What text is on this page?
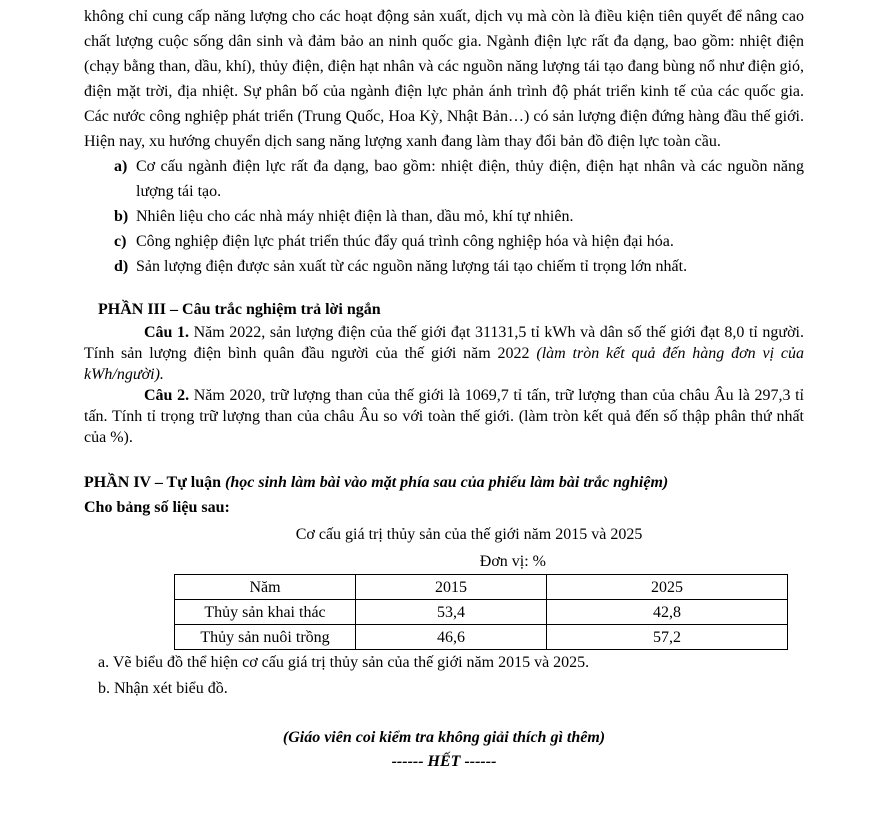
không chỉ cung cấp năng lượng cho các hoạt động sản xuất, dịch vụ mà còn là điều kiện tiên quyết để nâng cao chất lượng cuộc sống dân sinh và đảm bảo an ninh quốc gia. Ngành điện lực rất đa dạng, bao gồm: nhiệt điện (chạy bằng than, dầu, khí), thủy điện, điện hạt nhân và các nguồn năng lượng tái tạo đang bùng nổ như điện gió, điện mặt trời, địa nhiệt. Sự phân bố của ngành điện lực phản ánh trình độ phát triển kinh tế của các quốc gia. Các nước công nghiệp phát triển (Trung Quốc, Hoa Kỳ, Nhật Bản…) có sản lượng điện đứng hàng đầu thế giới. Hiện nay, xu hướng chuyển dịch sang năng lượng xanh đang làm thay đổi bản đồ điện lực toàn cầu.

a) Cơ cấu ngành điện lực rất đa dạng, bao gồm: nhiệt điện, thủy điện, điện hạt nhân và các nguồn năng lượng tái tạo.
b) Nhiên liệu cho các nhà máy nhiệt điện là than, dầu mỏ, khí tự nhiên.
c) Công nghiệp điện lực phát triển thúc đẩy quá trình công nghiệp hóa và hiện đại hóa.
d) Sản lượng điện được sản xuất từ các nguồn năng lượng tái tạo chiếm tỉ trọng lớn nhất.
PHẦN III – Câu trắc nghiệm trả lời ngắn

Câu 1. Năm 2022, sản lượng điện của thế giới đạt 31131,5 tỉ kWh và dân số thế giới đạt 8,0 tỉ người. Tính sản lượng điện bình quân đầu người của thế giới năm 2022 (làm tròn kết quả đến hàng đơn vị của kWh/người).

Câu 2. Năm 2020, trữ lượng than của thế giới là 1069,7 tỉ tấn, trữ lượng than của châu Âu là 297,3 tỉ tấn. Tính tỉ trọng trữ lượng than của châu Âu so với toàn thế giới. (làm tròn kết quả đến số thập phân thứ nhất của %).

PHẦN IV – Tự luận (học sinh làm bài vào mặt phía sau của phiếu làm bài trắc nghiệm)
Cho bảng số liệu sau:
Cơ cấu giá trị thủy sản của thế giới năm 2015 và 2025
Đơn vị: %
Năm	2015	2025
Thủy sản khai thác	53,4	42,8
Thủy sản nuôi trồng	46,6	57,2
a. Vẽ biểu đồ thể hiện cơ cấu giá trị thủy sản của thế giới năm 2015 và 2025.
b. Nhận xét biểu đồ.
(Giáo viên coi kiểm tra không giải thích gì thêm)
------ HẾT ------
